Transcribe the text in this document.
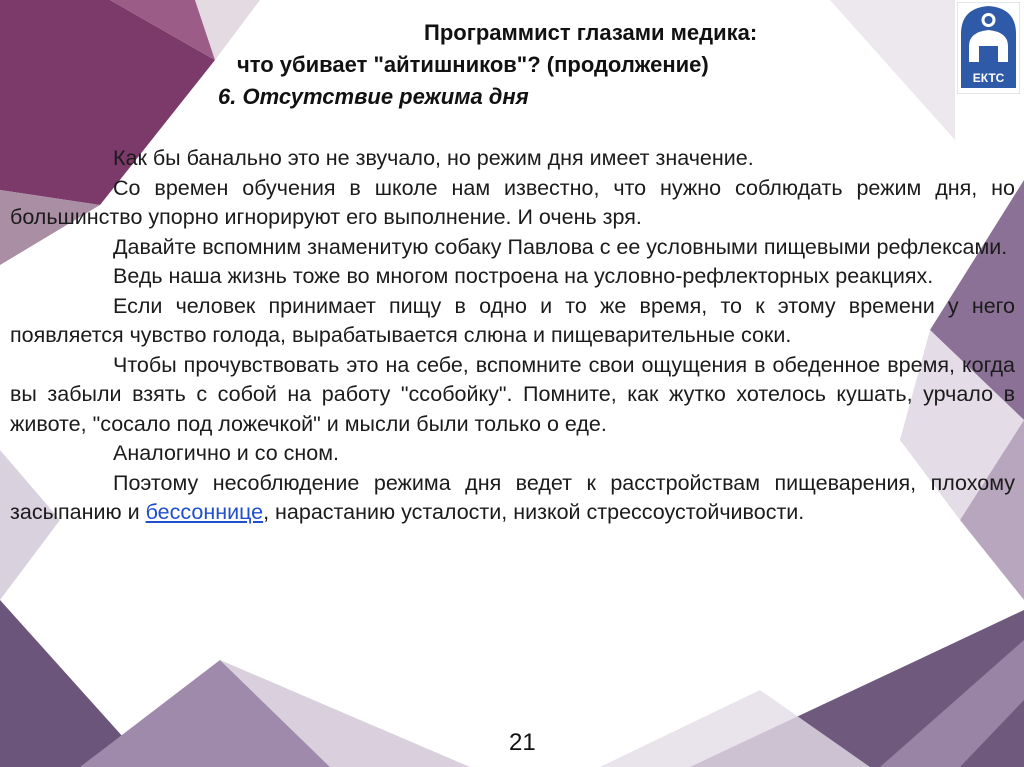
Программист глазами медика:
что убивает "айтишников"? (продолжение)
6. Отсутствие режима дня
ЕКТС

Как бы банально это не звучало, но режим дня имеет значение.

Со времен обучения в школе нам известно, что нужно соблюдать режим дня, но большинство упорно игнорируют его выполнение. И очень зря.

Давайте вспомним знаменитую собаку Павлова с ее условными пищевыми рефлексами.

Ведь наша жизнь тоже во многом построена на условно-рефлекторных реакциях.

Если человек принимает пищу в одно и то же время, то к этому времени у него появляется чувство голода, вырабатывается слюна и пищеварительные соки.

Чтобы прочувствовать это на себе, вспомните свои ощущения в обеденное время, когда вы забыли взять с собой на работу "ссобойку". Помните, как жутко хотелось кушать, урчало в животе, "сосало под ложечкой" и мысли были только о еде.

Аналогично и со сном.

Поэтому несоблюдение режима дня ведет к расстройствам пищеварения, плохому засыпанию и бессоннице, нарастанию усталости, низкой стрессоустойчивости.

21
